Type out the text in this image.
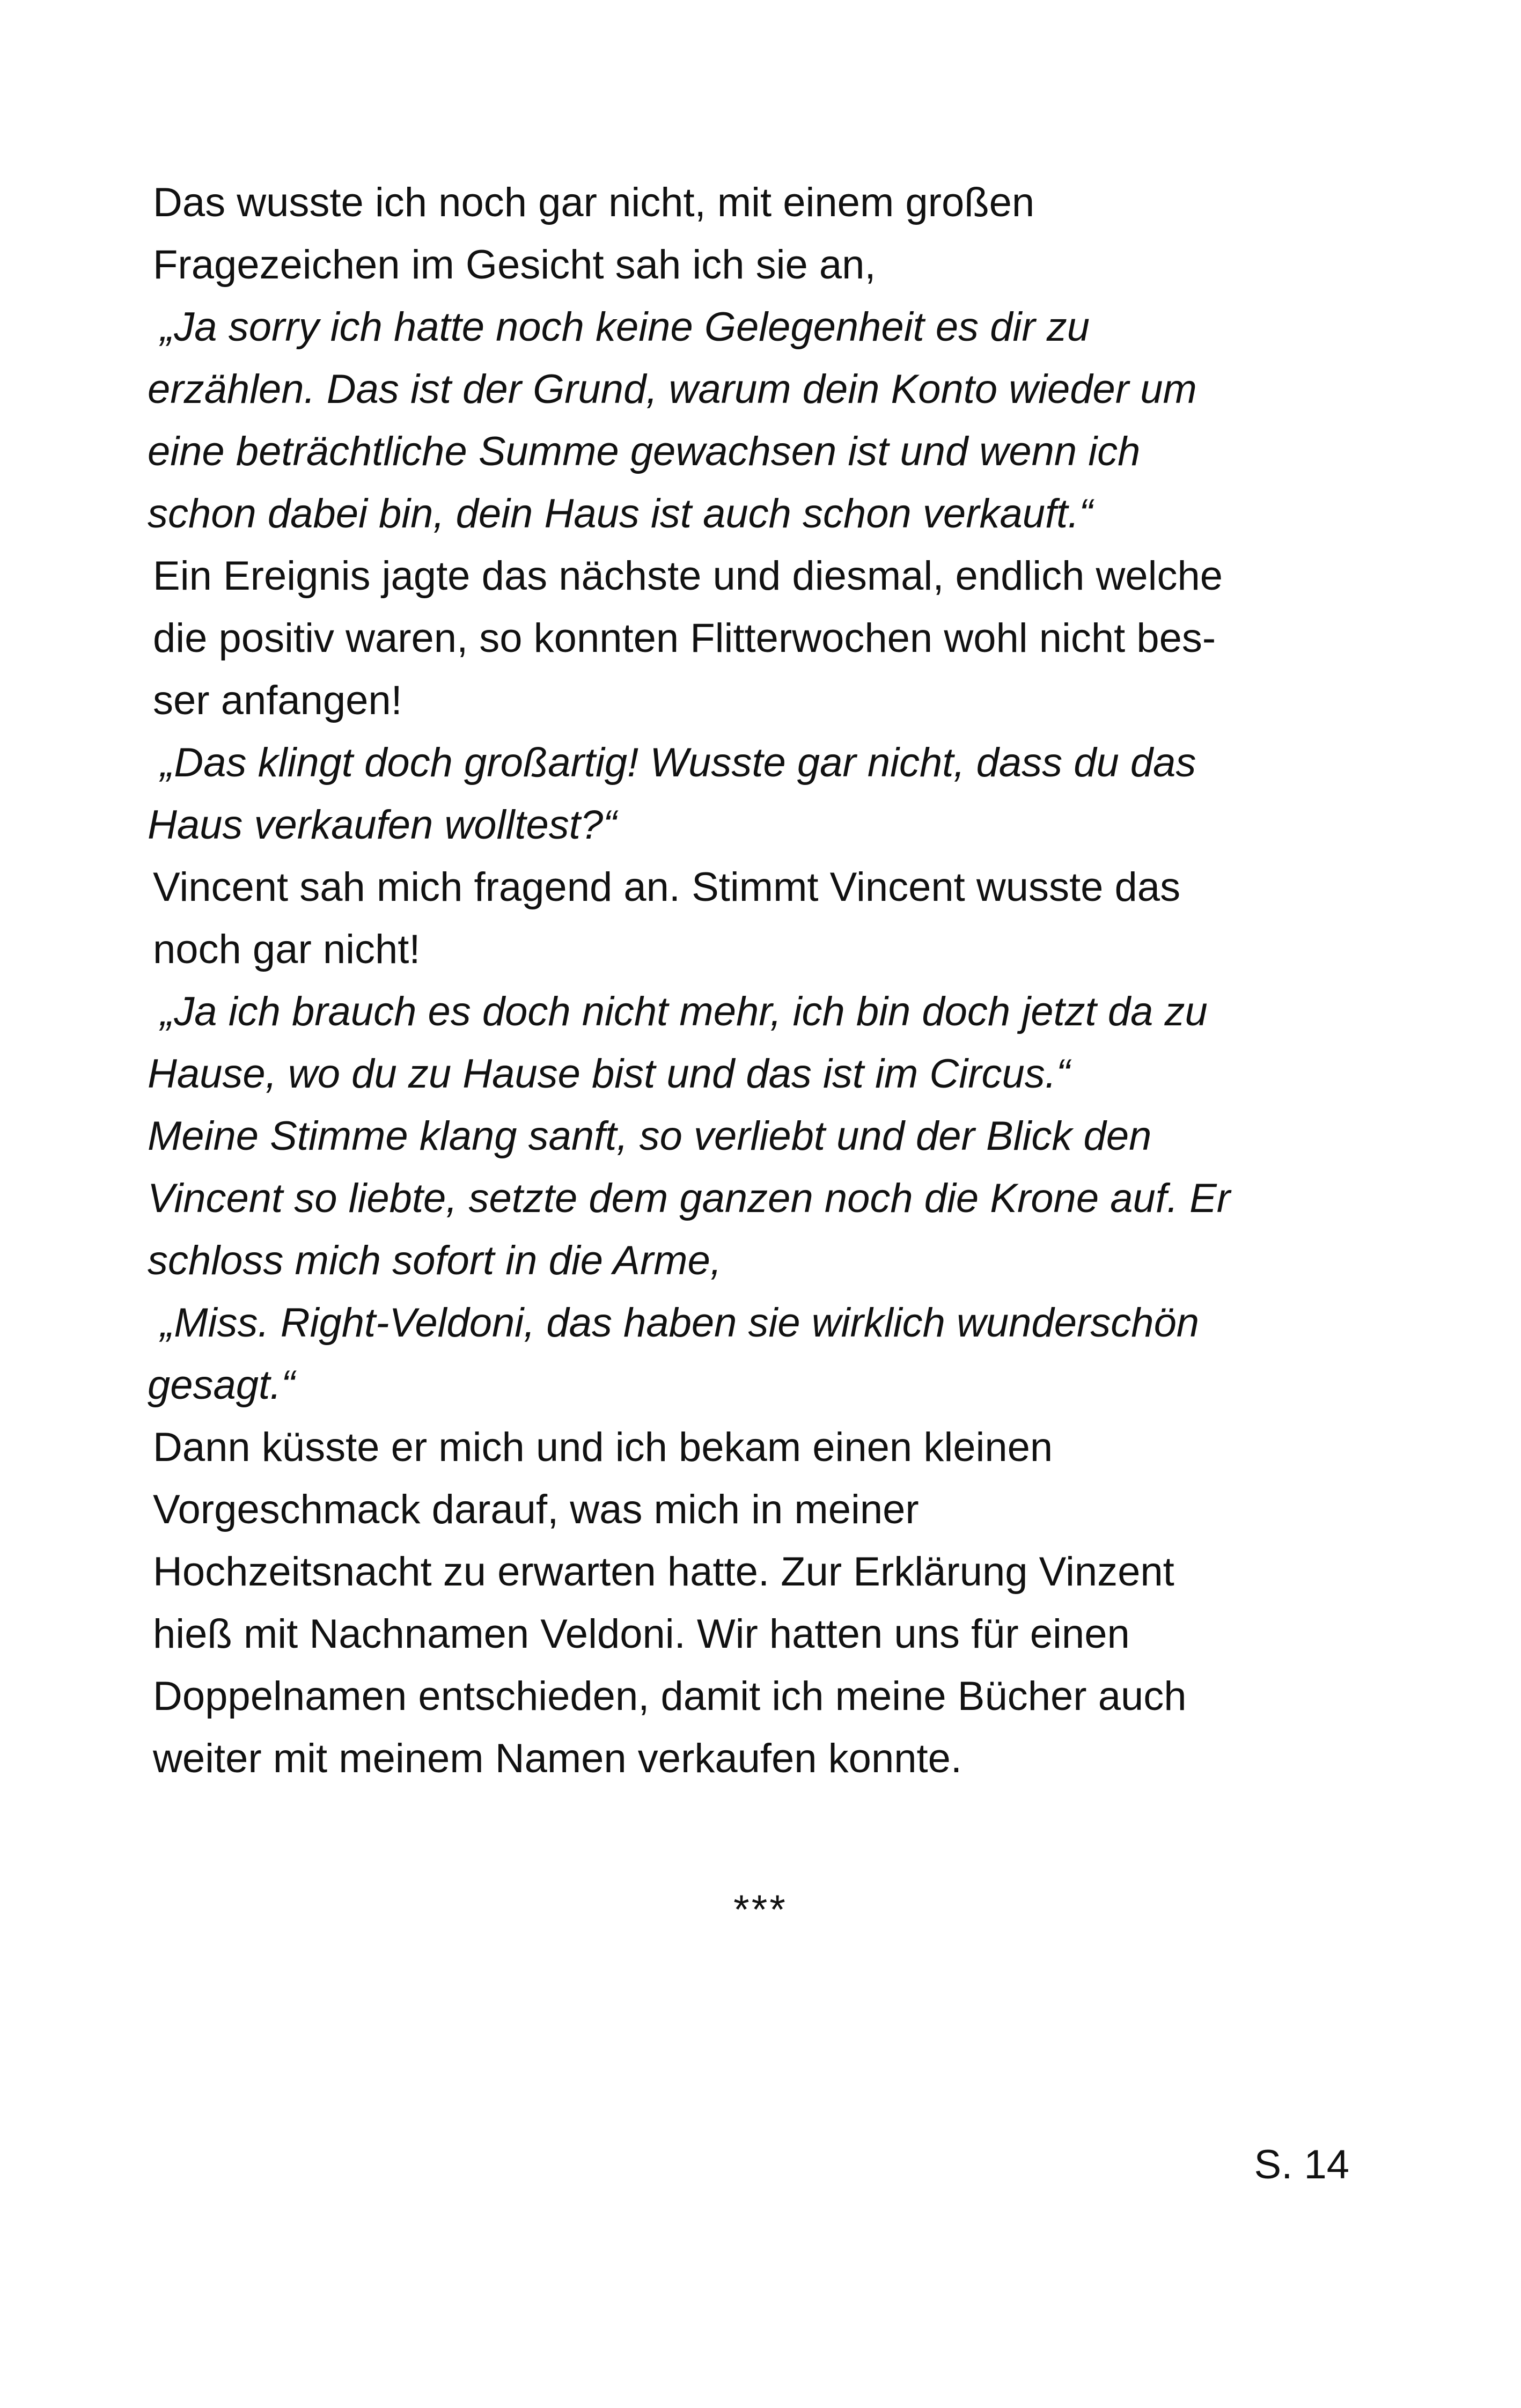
Das wusste ich noch gar nicht, mit einem großen
Fragezeichen im Gesicht sah ich sie an,
„Ja sorry ich hatte noch keine Gelegenheit es dir zu
erzählen. Das ist der Grund, warum dein Konto wieder um
eine beträchtliche Summe gewachsen ist und wenn ich
schon dabei bin, dein Haus ist auch schon verkauft.“
Ein Ereignis jagte das nächste und diesmal, endlich welche
die positiv waren, so konnten Flitterwochen wohl nicht bes-
ser anfangen!
„Das klingt doch großartig! Wusste gar nicht, dass du das
Haus verkaufen wolltest?“
Vincent sah mich fragend an. Stimmt Vincent wusste das
noch gar nicht!
„Ja ich brauch es doch nicht mehr, ich bin doch jetzt da zu
Hause, wo du zu Hause bist und das ist im Circus.“
Meine Stimme klang sanft, so verliebt und der Blick den
Vincent so liebte, setzte dem ganzen noch die Krone auf. Er
schloss mich sofort in die Arme,
„Miss. Right-Veldoni, das haben sie wirklich wunderschön
gesagt.“
Dann küsste er mich und ich bekam einen kleinen
Vorgeschmack darauf, was mich in meiner
Hochzeitsnacht zu erwarten hatte. Zur Erklärung Vinzent
hieß mit Nachnamen Veldoni. Wir hatten uns für einen
Doppelnamen entschieden, damit ich meine Bücher auch
weiter mit meinem Namen verkaufen konnte.
***
S. 14
